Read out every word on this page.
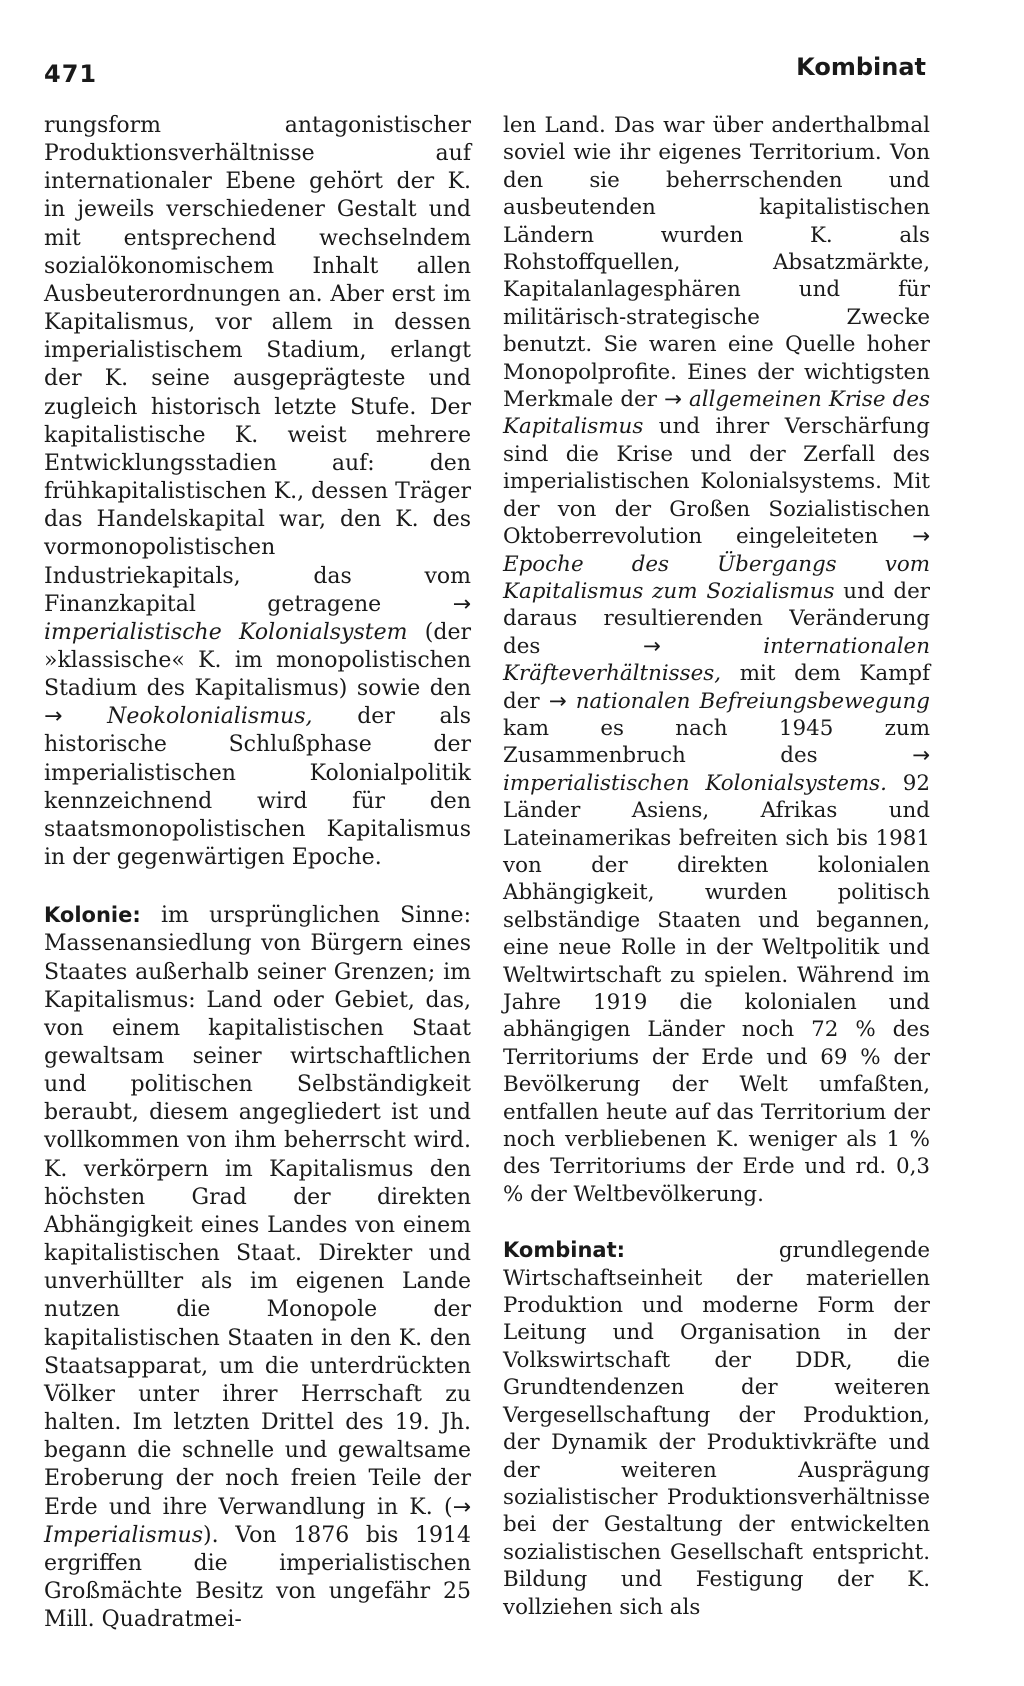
471	Kombinat

rungsform antagonistischer Produktionsverhältnisse auf internationaler Ebene gehört der K. in jeweils verschiedener Gestalt und mit entsprechend wechselndem sozialökonomischem Inhalt allen Ausbeuterordnungen an. Aber erst im Kapitalismus, vor allem in dessen imperialistischem Stadium, erlangt der K. seine ausgeprägteste und zugleich historisch letzte Stufe. Der kapitalistische K. weist mehrere Entwicklungsstadien auf: den frühkapitalistischen K., dessen Träger das Handelskapital war, den K. des vormonopolistischen Industriekapitals, das vom Finanzkapital getragene → imperialistische Kolonialsystem (der »klassische« K. im monopolistischen Stadium des Kapitalismus) sowie den → Neokolonialismus, der als historische Schlußphase der imperialistischen Kolonialpolitik kennzeichnend wird für den staatsmonopolistischen Kapitalismus in der gegenwärtigen Epoche.

Kolonie: im ursprünglichen Sinne: Massenansiedlung von Bürgern eines Staates außerhalb seiner Grenzen; im Kapitalismus: Land oder Gebiet, das, von einem kapitalistischen Staat gewaltsam seiner wirtschaftlichen und politischen Selbständigkeit beraubt, diesem angegliedert ist und vollkommen von ihm beherrscht wird. K. verkörpern im Kapitalismus den höchsten Grad der direkten Abhängigkeit eines Landes von einem kapitalistischen Staat. Direkter und unverhüllter als im eigenen Lande nutzen die Monopole der kapitalistischen Staaten in den K. den Staatsapparat, um die unterdrückten Völker unter ihrer Herrschaft zu halten. Im letzten Drittel des 19. Jh. begann die schnelle und gewaltsame Eroberung der noch freien Teile der Erde und ihre Verwandlung in K. (→ Imperialismus). Von 1876 bis 1914 ergriffen die imperialistischen Großmächte Besitz von ungefähr 25 Mill. Quadratmei-

len Land. Das war über anderthalbmal soviel wie ihr eigenes Territorium. Von den sie beherrschenden und ausbeutenden kapitalistischen Ländern wurden K. als Rohstoffquellen, Absatzmärkte, Kapitalanlagesphären und für militärisch-strategische Zwecke benutzt. Sie waren eine Quelle hoher Monopolprofite. Eines der wichtigsten Merkmale der → allgemeinen Krise des Kapitalismus und ihrer Verschärfung sind die Krise und der Zerfall des imperialistischen Kolonialsystems. Mit der von der Großen Sozialistischen Oktoberrevolution eingeleiteten → Epoche des Übergangs vom Kapitalismus zum Sozialismus und der daraus resultierenden Veränderung des →	internationalen Kräfteverhältnisses, mit dem Kampf der → nationalen Befreiungsbewegung kam es nach 1945 zum Zusammenbruch des → imperialistischen Kolonialsystems. 92 Länder Asiens, Afrikas und Lateinamerikas befreiten sich bis 1981 von der direkten kolonialen Abhängigkeit, wurden politisch selbständige Staaten und begannen, eine neue Rolle in der Weltpolitik und Weltwirtschaft zu spielen. Während im Jahre 1919 die kolonialen und abhängigen Länder noch 72 % des Territoriums der Erde und 69 % der Bevölkerung der Welt umfaßten, entfallen heute auf das Territorium der noch verbliebenen K. weniger als 1 % des Territoriums der Erde und rd. 0,3 % der Weltbevölkerung.

Kombinat: grundlegende Wirtschaftseinheit der materiellen Produktion und moderne Form der Leitung und Organisation in der Volkswirtschaft der DDR, die Grundtendenzen der weiteren Vergesellschaftung der Produktion, der Dynamik der Produktivkräfte und der weiteren Ausprägung sozialistischer Produktionsverhältnisse bei der Gestaltung der entwickelten sozialistischen Gesellschaft entspricht. Bildung und Festigung der K. vollziehen sich als
